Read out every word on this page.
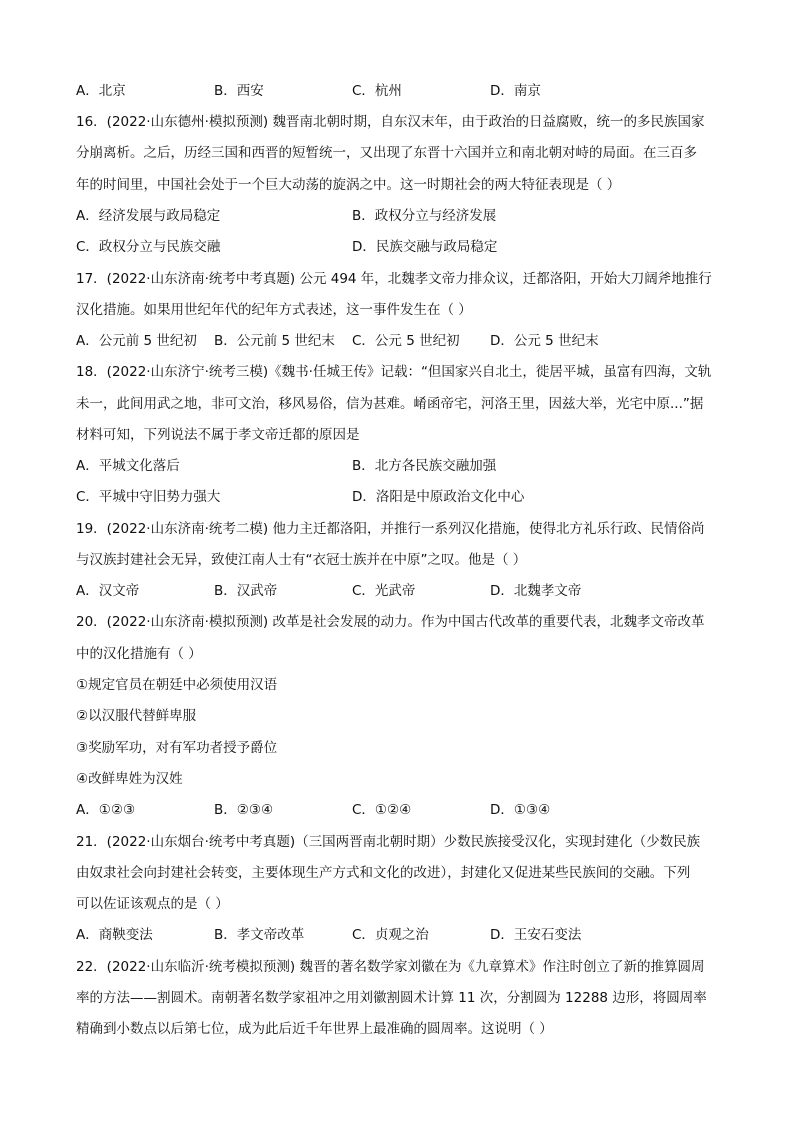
A．北京	B．西安	C．杭州	D．南京
16．(2022·山东德州·模拟预测) 魏晋南北朝时期，自东汉末年，由于政治的日益腐败，统一的多民族国家
分崩离析。之后，历经三国和西晋的短暂统一，又出现了东晋十六国并立和南北朝对峙的局面。在三百多
年的时间里，中国社会处于一个巨大动荡的旋涡之中。这一时期社会的两大特征表现是（ ）
A．经济发展与政局稳定	B．政权分立与经济发展
C．政权分立与民族交融	D．民族交融与政局稳定
17．(2022·山东济南·统考中考真题) 公元 494 年，北魏孝文帝力排众议，迁都洛阳，开始大刀阔斧地推行
汉化措施。如果用世纪年代的纪年方式表述，这一事件发生在（ ）
A．公元前 5 世纪初 B．公元前 5 世纪末 C．公元 5 世纪初 D．公元 5 世纪末
18．(2022·山东济宁·统考三模)《魏书·任城王传》记载：“但国家兴自北土，徙居平城，虽富有四海，文轨
未一，此间用武之地，非可文治，移风易俗，信为甚难。崤函帝宅，河洛王里，因兹大举，光宅中原...”据
材料可知，下列说法不属于孝文帝迁都的原因是
A．平城文化落后	B．北方各民族交融加强
C．平城中守旧势力强大	D．洛阳是中原政治文化中心
19．(2022·山东济南·统考二模) 他力主迁都洛阳，并推行一系列汉化措施，使得北方礼乐行政、民情俗尚
与汉族封建社会无异，致使江南人士有“衣冠士族并在中原”之叹。他是（ ）
A．汉文帝	B．汉武帝	C．光武帝	D．北魏孝文帝
20．(2022·山东济南·模拟预测) 改革是社会发展的动力。作为中国古代改革的重要代表，北魏孝文帝改革
中的汉化措施有（ ）
①规定官员在朝廷中必须使用汉语
②以汉服代替鲜卑服
③奖励军功，对有军功者授予爵位
④改鲜卑姓为汉姓
A．①②③	B．②③④	C．①②④	D．①③④
21．(2022·山东烟台·统考中考真题)（三国两晋南北朝时期）少数民族接受汉化，实现封建化（少数民族
由奴隶社会向封建社会转变，主要体现生产方式和文化的改进），封建化又促进某些民族间的交融。下列
可以佐证该观点的是（ ）
A．商鞅变法	B．孝文帝改革	C．贞观之治	D．王安石变法
22．(2022·山东临沂·统考模拟预测) 魏晋的著名数学家刘徽在为《九章算术》作注时创立了新的推算圆周
率的方法——割圆术。南朝著名数学家祖冲之用刘徽割圆术计算 11 次，分割圆为 12288 边形，将圆周率
精确到小数点以后第七位，成为此后近千年世界上最准确的圆周率。这说明（ ）
